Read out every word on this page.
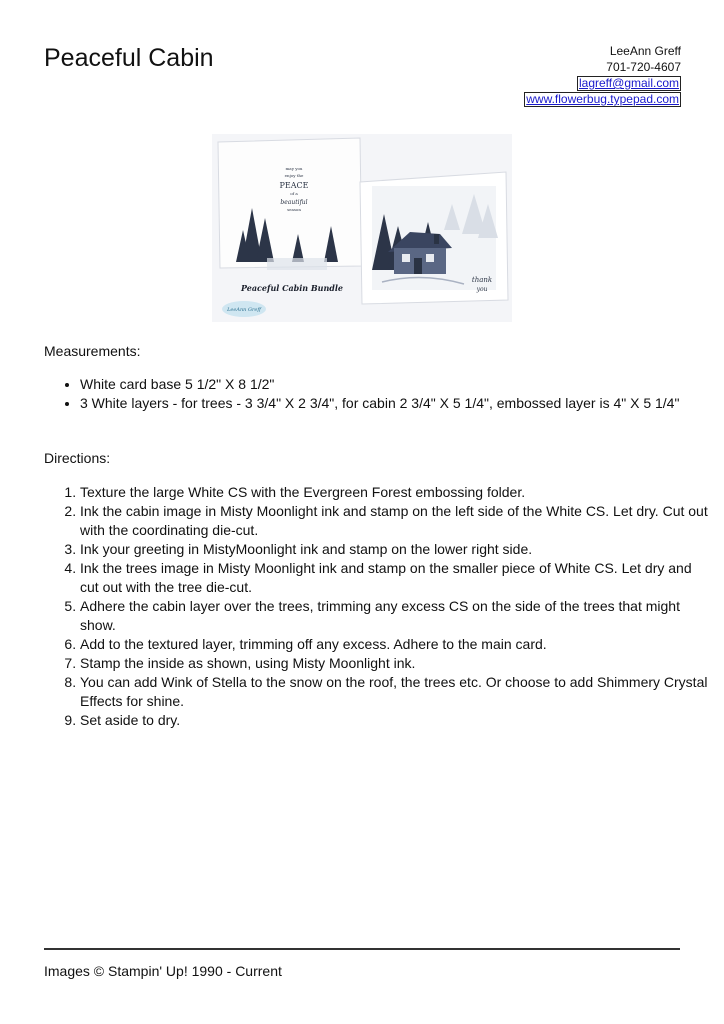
Peaceful Cabin	LeeAnn Greff
701-720-4607
lagreff@gmail.com
www.flowerbug.typepad.com
may you
enjoy the
PEACE
of a
beautiful
season
thank
you
Peaceful Cabin Bundle
LeeAnn Greff
Measurements:
• White card base 5 1/2" X 8 1/2"
• 3 White layers - for trees - 3 3/4" X 2 3/4", for cabin 2 3/4" X 5 1/4", embossed layer is 4" X 5 1/4"
Directions:
1. Texture the large White CS with the Evergreen Forest embossing folder.
2. Ink the cabin image in Misty Moonlight ink and stamp on the left side of the White CS. Let dry. Cut out with the coordinating die-cut.
3. Ink your greeting in MistyMoonlight ink and stamp on the lower right side.
4. Ink the trees image in Misty Moonlight ink and stamp on the smaller piece of White CS. Let dry and cut out with the tree die-cut.
5. Adhere the cabin layer over the trees, trimming any excess CS on the side of the trees that might show.
6. Add to the textured layer, trimming off any excess. Adhere to the main card.
7. Stamp the inside as shown, using Misty Moonlight ink.
8. You can add Wink of Stella to the snow on the roof, the trees etc. Or choose to add Shimmery Crystal Effects for shine.
9. Set aside to dry.
Images © Stampin' Up! 1990 - Current
